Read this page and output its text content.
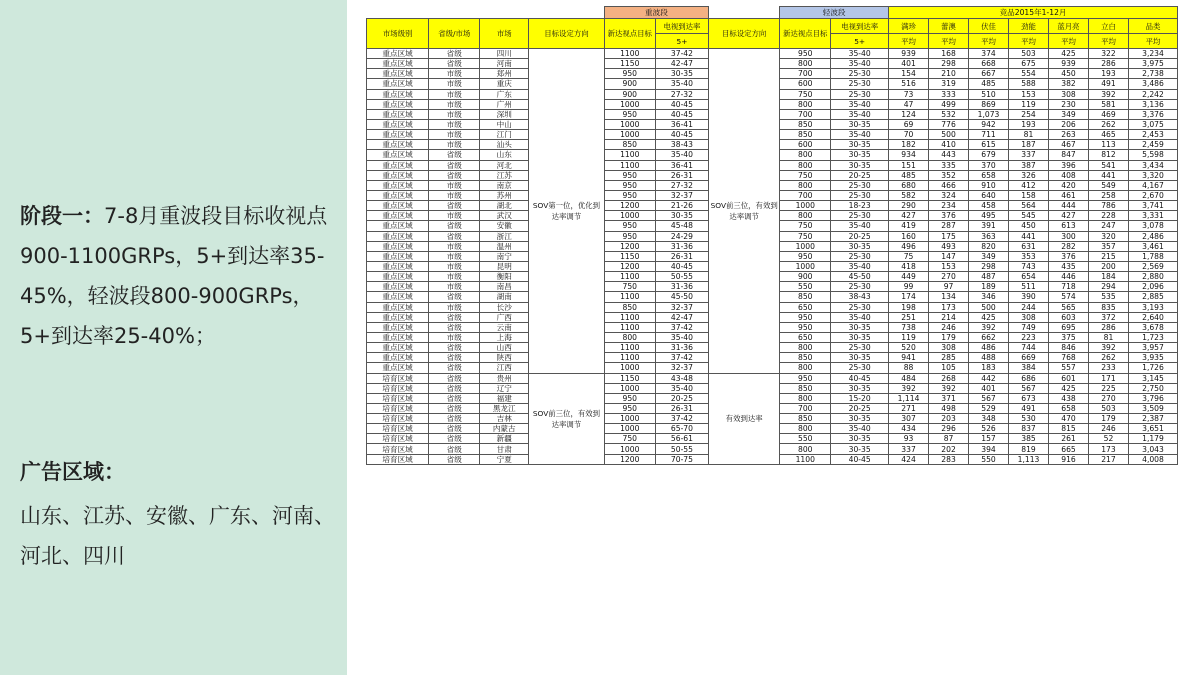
阶段一：7-8月重波段目标收视点900-1100GRPs，5+到达率35-45%，轻波段800-900GRPs，5+到达率25-40%；
广告区域：
山东、江苏、安徽、广东、河南、河北、四川
				重波段			轻波段		竞品2015年1-12月						
市场级别	省级/市场	市场	目标设定方向	新达视点目标	电视到达率	目标设定方向	新达视点目标	电视到达率	满珍	蕾澳	伏佳	劲能	蓝月亮	立白	品类
					5+			5+	平均	平均	平均	平均	平均	平均	平均
重点区域	省级	四川	SOV第一位，优化到达率调节	1100	37-42	SOV前三位，有效到达率调节	950	35-40	939	168	374	503	425	322	3,234
重点区域	省级	河南		1150	42-47		800	35-40	401	298	668	675	939	286	3,975
重点区域	市级	郑州		950	30-35		700	25-30	154	210	667	554	450	193	2,738
重点区域	市级	重庆		900	35-40		600	25-30	516	319	485	588	382	491	3,486
重点区域	市级	广东		900	27-32		750	25-30	73	333	510	153	308	392	2,242
重点区域	市级	广州		1000	40-45		800	35-40	47	499	869	119	230	581	3,136
重点区域	市级	深圳		950	40-45		700	35-40	124	532	1,073	254	349	469	3,376
重点区域	市级	中山		1000	36-41		850	30-35	69	776	942	193	206	262	3,075
重点区域	市级	江门		1000	40-45		850	35-40	70	500	711	81	263	465	2,453
重点区域	市级	汕头		850	38-43		600	30-35	182	410	615	187	467	113	2,459
重点区域	省级	山东		1100	35-40		800	30-35	934	443	679	337	847	812	5,598
重点区域	省级	河北		1100	36-41		800	30-35	151	335	370	387	396	541	3,434
重点区域	省级	江苏		950	26-31		750	20-25	485	352	658	326	408	441	3,320
重点区域	市级	南京		950	27-32		800	25-30	680	466	910	412	420	549	4,167
重点区域	市级	苏州		950	32-37		700	25-30	582	324	640	158	461	258	2,670
重点区域	省级	湖北		1200	21-26		1000	18-23	290	234	458	564	444	786	3,741
重点区域	市级	武汉		1000	30-35		800	25-30	427	376	495	545	427	228	3,331
重点区域	省级	安徽		950	45-48		750	35-40	419	287	391	450	613	247	3,078
重点区域	省级	浙江		950	24-29		750	20-25	160	175	363	441	300	320	2,486
重点区域	市级	温州		1200	31-36		1000	30-35	496	493	820	631	282	357	3,461
重点区域	市级	南宁		1150	26-31		950	25-30	75	147	349	353	376	215	1,788
重点区域	市级	昆明		1200	40-45		1000	35-40	418	153	298	743	435	200	2,569
重点区域	市级	衡阳		1100	50-55		900	45-50	449	270	487	654	446	184	2,880
重点区域	市级	南昌		750	31-36		550	25-30	99	97	189	511	718	294	2,096
重点区域	省级	湖南		1100	45-50		850	38-43	174	134	346	390	574	535	2,885
重点区域	市级	长沙		850	32-37		650	25-30	198	173	500	244	565	835	3,193
重点区域	省级	广西		1100	42-47		950	35-40	251	214	425	308	603	372	2,640
重点区域	省级	云南		1100	37-42		950	30-35	738	246	392	749	695	286	3,678
重点区域	市级	上海		800	35-40		650	30-35	119	179	662	223	375	81	1,723
重点区域	省级	山西		1100	31-36		800	25-30	520	308	486	744	846	392	3,957
重点区域	省级	陕西		1100	37-42		850	30-35	941	285	488	669	768	262	3,935
重点区域	省级	江西		1000	32-37		800	25-30	88	105	183	384	557	233	1,726
培育区域	省级	贵州	SOV前三位，有效到达率调节	1150	43-48	有效到达率	950	40-45	484	268	442	686	601	171	3,145
培育区域	省级	辽宁		1000	35-40		850	30-35	392	392	401	567	425	225	2,750
培育区域	省级	福建		950	20-25		800	15-20	1,114	371	567	673	438	270	3,796
培育区域	省级	黑龙江		950	26-31		700	20-25	271	498	529	491	658	503	3,509
培育区域	省级	吉林		1000	37-42		850	30-35	307	203	348	530	470	179	2,387
培育区域	省级	内蒙古		1000	65-70		800	35-40	434	296	526	837	815	246	3,651
培育区域	省级	新疆		750	56-61		550	30-35	93	87	157	385	261	52	1,179
培育区域	省级	甘肃		1000	50-55		800	30-35	337	202	394	819	665	173	3,043
培育区域	省级	宁夏		1200	70-75		1100	40-45	424	283	550	1,113	916	217	4,008
